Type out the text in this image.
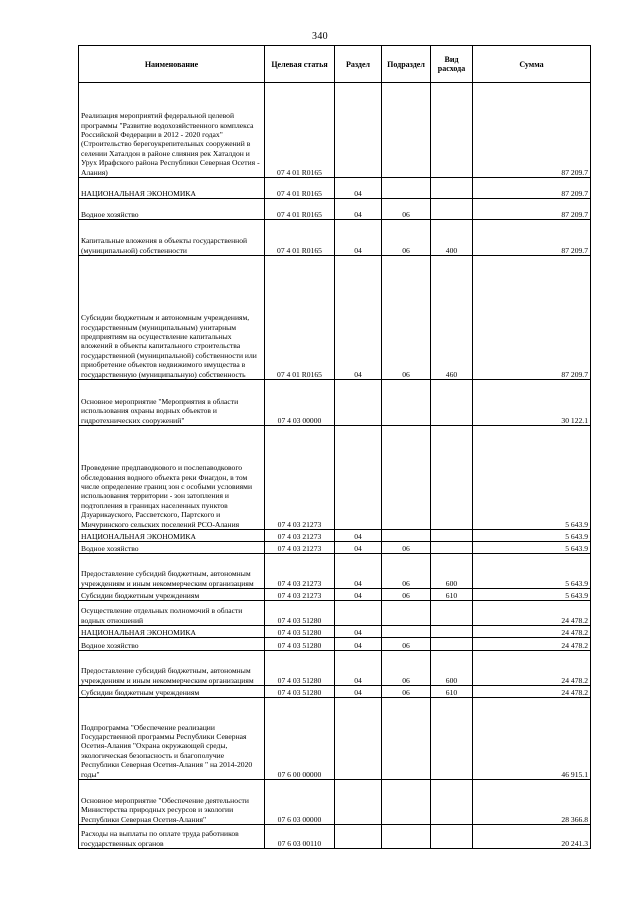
340
Наименование	Целевая статья	Раздел	Подраздел	Вид расхода	Сумма
Реализация мероприятий федеральной целевой программы "Развитие водохозяйственного комплекса Российской Федерации в 2012 - 2020 годах" (Строительство берегоукрепительных сооружений в селении Хаталдон в районе слияния рек Хаталдон и Урух Ирафского района Республики Северная Осетия - Алания)	07 4 01 R0165				87 209.7
НАЦИОНАЛЬНАЯ ЭКОНОМИКА	07 4 01 R0165	04			87 209.7
Водное хозяйство	07 4 01 R0165	04	06		87 209.7
Капитальные вложения в объекты государственной (муниципальной) собственности	07 4 01 R0165	04	06	400	87 209.7
Субсидии бюджетным и автономным учреждениям, государственным (муниципальным) унитарным предприятиям на осуществление капитальных вложений в объекты капитального строительства государственной (муниципальной) собственности или приобретение объектов недвижимого имущества в государственную (муниципальную) собственность	07 4 01 R0165	04	06	460	87 209.7
Основное мероприятие "Мероприятия в области использования охраны водных объектов и гидротехнических сооружений"	07 4 03 00000				30 122.1
Проведение предпаводкового и послепаводкового обследования водного объекта реки Фиагдон, в том числе определение границ зон с особыми условиями использования территории - зон затопления и подтопления в границах населенных пунктов Дзуарикауского, Рассветского, Партского и Мичуринского сельских поселений РСО-Алания	07 4 03 21273				5 643.9
НАЦИОНАЛЬНАЯ ЭКОНОМИКА	07 4 03 21273	04			5 643.9
Водное хозяйство	07 4 03 21273	04	06		5 643.9
Предоставление субсидий бюджетным, автономным учреждениям и иным некоммерческим организациям	07 4 03 21273	04	06	600	5 643.9
Субсидии бюджетным учреждениям	07 4 03 21273	04	06	610	5 643.9
Осуществление отдельных полномочий в области водных отношений	07 4 03 51280				24 478.2
НАЦИОНАЛЬНАЯ ЭКОНОМИКА	07 4 03 51280	04			24 478.2
Водное хозяйство	07 4 03 51280	04	06		24 478.2
Предоставление субсидий бюджетным, автономным учреждениям и иным некоммерческим организациям	07 4 03 51280	04	06	600	24 478.2
Субсидии бюджетным учреждениям	07 4 03 51280	04	06	610	24 478.2
Подпрограмма "Обеспечение реализации Государственной программы Республики Северная Осетия-Алания "Охрана окружающей среды, экологическая безопасность и благополучие Республики Северная Осетия-Алания " на 2014-2020 годы"	07 6 00 00000				46 915.1
Основное мероприятие "Обеспечение деятельности Министерства природных ресурсов и экологии Республики Северная Осетия-Алания"	07 6 03 00000				28 366.8
Расходы на выплаты по оплате труда работников государственных органов	07 6 03 00110				20 241.3
